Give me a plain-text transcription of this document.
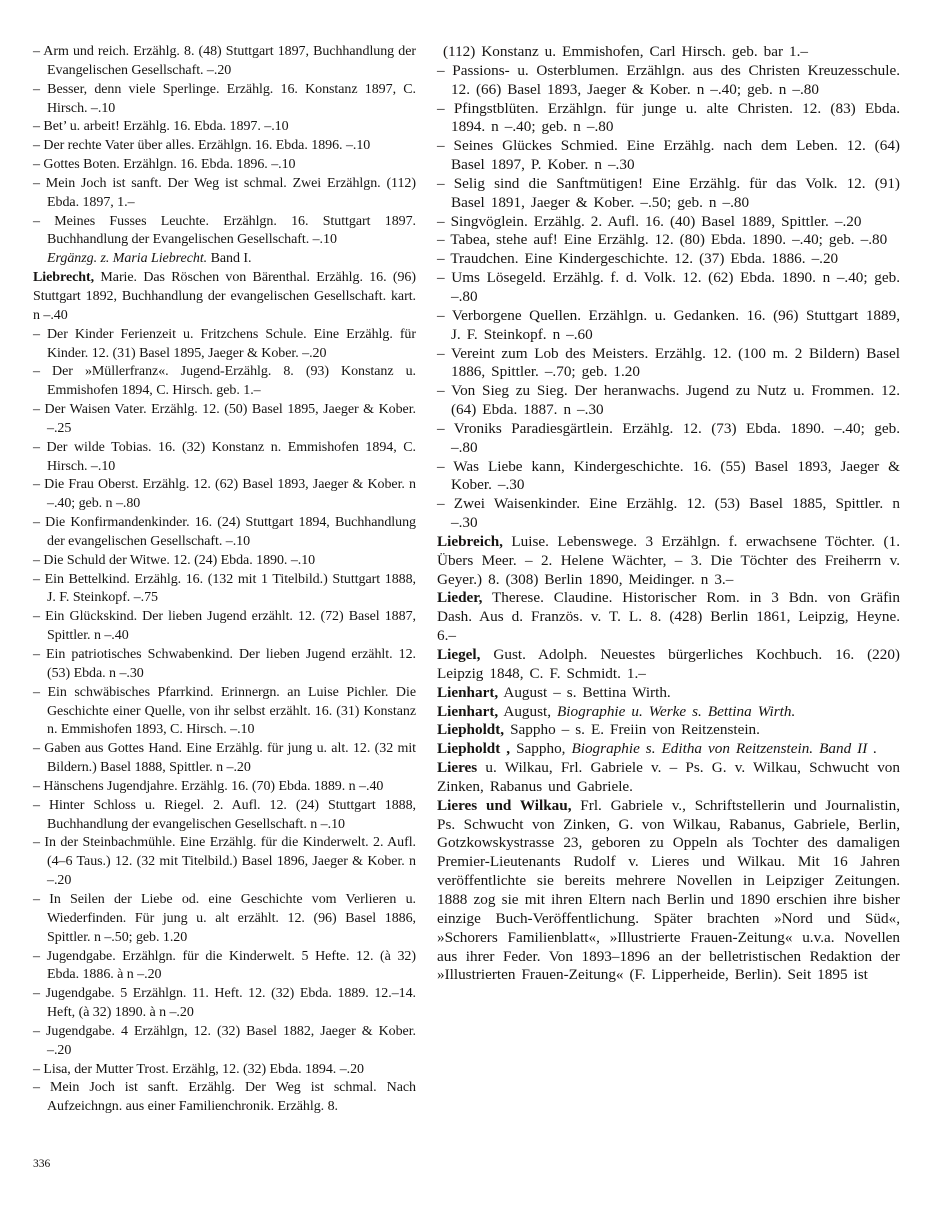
– Arm und reich. Erzählg. 8. (48) Stuttgart 1897, Buchhandlung der Evangelischen Gesellschaft. –.20

– Besser, denn viele Sperlinge. Erzählg. 16. Konstanz 1897, C. Hirsch. –.10

– Bet’ u. arbeit! Erzählg. 16. Ebda. 1897. –.10

– Der rechte Vater über alles. Erzählgn. 16. Ebda. 1896. –.10

– Gottes Boten. Erzählgn. 16. Ebda. 1896. –.10

– Mein Joch ist sanft. Der Weg ist schmal. Zwei Erzählgn. (112) Ebda. 1897, 1.–

– Meines Fusses Leuchte. Erzählgn. 16. Stuttgart 1897. Buchhandlung der Evangelischen Gesellschaft. –.10

Ergänzg. z. Maria Liebrecht. Band I.

Liebrecht, Marie. Das Röschen von Bärenthal. Erzählg. 16. (96) Stuttgart 1892, Buchhandlung der evangelischen Gesellschaft. kart. n –.40

– Der Kinder Ferienzeit u. Fritzchens Schule. Eine Erzählg. für Kinder. 12. (31) Basel 1895, Jaeger & Kober. –.20

– Der »Müllerfranz«. Jugend-Erzählg. 8. (93) Konstanz u. Emmishofen 1894, C. Hirsch. geb. 1.–

– Der Waisen Vater. Erzählg. 12. (50) Basel 1895, Jaeger & Kober. –.25

– Der wilde Tobias. 16. (32) Konstanz n. Emmishofen 1894, C. Hirsch. –.10

– Die Frau Oberst. Erzählg. 12. (62) Basel 1893, Jaeger & Kober. n –.40; geb. n –.80

– Die Konfirmandenkinder. 16. (24) Stuttgart 1894, Buchhandlung der evangelischen Gesellschaft. –.10

– Die Schuld der Witwe. 12. (24) Ebda. 1890. –.10

– Ein Bettelkind. Erzählg. 16. (132 mit 1 Titelbild.) Stuttgart 1888, J. F. Steinkopf. –.75

– Ein Glückskind. Der lieben Jugend erzählt. 12. (72) Basel 1887, Spittler. n –.40

– Ein patriotisches Schwabenkind. Der lieben Jugend erzählt. 12. (53) Ebda. n –.30

– Ein schwäbisches Pfarrkind. Erinnergn. an Luise Pichler. Die Geschichte einer Quelle, von ihr selbst erzählt. 16. (31) Konstanz n. Emmishofen 1893, C. Hirsch. –.10

– Gaben aus Gottes Hand. Eine Erzählg. für jung u. alt. 12. (32 mit Bildern.) Basel 1888, Spittler. n –.20

– Hänschens Jugendjahre. Erzählg. 16. (70) Ebda. 1889. n –.40

– Hinter Schloss u. Riegel. 2. Aufl. 12. (24) Stuttgart 1888, Buchhandlung der evangelischen Gesellschaft. n –.10

– In der Steinbachmühle. Eine Erzählg. für die Kinderwelt. 2. Aufl. (4–6 Taus.) 12. (32 mit Titelbild.) Basel 1896, Jaeger & Kober. n –.20

– In Seilen der Liebe od. eine Geschichte vom Verlieren u. Wiederfinden. Für jung u. alt erzählt. 12. (96) Basel 1886, Spittler. n –.50; geb. 1.20

– Jugendgabe. Erzählgn. für die Kinderwelt. 5 Hefte. 12. (à 32) Ebda. 1886. à n –.20

– Jugendgabe. 5 Erzählgn. 11. Heft. 12. (32) Ebda. 1889. 12.–14. Heft, (à 32) 1890. à n –.20

– Jugendgabe. 4 Erzählgn, 12. (32) Basel 1882, Jaeger & Kober. –.20

– Lisa, der Mutter Trost. Erzählg, 12. (32) Ebda. 1894. –.20

– Mein Joch ist sanft. Erzählg. Der Weg ist schmal. Nach Aufzeichngn. aus einer Familienchronik. Erzählg. 8.

(112) Konstanz u. Emmishofen, Carl Hirsch. geb. bar 1.–

– Passions- u. Osterblumen. Erzählgn. aus des Christen Kreuzesschule. 12. (66) Basel 1893, Jaeger & Kober. n –.40; geb. n –.80

– Pfingstblüten. Erzählgn. für junge u. alte Christen. 12. (83) Ebda. 1894. n –.40; geb. n –.80

– Seines Glückes Schmied. Eine Erzählg. nach dem Leben. 12. (64) Basel 1897, P. Kober. n –.30

– Selig sind die Sanftmütigen! Eine Erzählg. für das Volk. 12. (91) Basel 1891, Jaeger & Kober. –.50; geb. n –.80

– Singvöglein. Erzählg. 2. Aufl. 16. (40) Basel 1889, Spittler. –.20

– Tabea, stehe auf! Eine Erzählg. 12. (80) Ebda. 1890. –.40; geb. –.80

– Traudchen. Eine Kindergeschichte. 12. (37) Ebda. 1886. –.20

– Ums Lösegeld. Erzählg. f. d. Volk. 12. (62) Ebda. 1890. n –.40; geb. –.80

– Verborgene Quellen. Erzählgn. u. Gedanken. 16. (96) Stuttgart 1889, J. F. Steinkopf. n –.60

– Vereint zum Lob des Meisters. Erzählg. 12. (100 m. 2 Bildern) Basel 1886, Spittler. –.70; geb. 1.20

– Von Sieg zu Sieg. Der heranwachs. Jugend zu Nutz u. Frommen. 12. (64) Ebda. 1887. n –.30

– Vroniks Paradiesgärtlein. Erzählg. 12. (73) Ebda. 1890. –.40; geb. –.80

– Was Liebe kann, Kindergeschichte. 16. (55) Basel 1893, Jaeger & Kober. –.30

– Zwei Waisenkinder. Eine Erzählg. 12. (53) Basel 1885, Spittler. n –.30

Liebreich, Luise. Lebenswege. 3 Erzählgn. f. erwachsene Töchter. (1. Übers Meer. – 2. Helene Wächter, – 3. Die Töchter des Freiherrn v. Geyer.) 8. (308) Berlin 1890, Meidinger. n 3.–

Lieder, Therese. Claudine. Historischer Rom. in 3 Bdn. von Gräfin Dash. Aus d. Französ. v. T. L. 8. (428) Berlin 1861, Leipzig, Heyne. 6.–

Liegel, Gust. Adolph. Neuestes bürgerliches Kochbuch. 16. (220) Leipzig 1848, C. F. Schmidt. 1.–

Lienhart, August – s. Bettina Wirth.

Lienhart, August, Biographie u. Werke s. Bettina Wirth.

Liepholdt, Sappho – s. E. Freiin von Reitzenstein.

Liepholdt , Sappho, Biographie s. Editha von Reitzenstein. Band II .

Lieres u. Wilkau, Frl. Gabriele v. – Ps. G. v. Wilkau, Schwucht von Zinken, Rabanus und Gabriele.

Lieres und Wilkau, Frl. Gabriele v., Schriftstellerin und Journalistin, Ps. Schwucht von Zinken, G. von Wilkau, Rabanus, Gabriele, Berlin, Gotzkowskystrasse 23, geboren zu Oppeln als Tochter des damaligen Premier-Lieutenants Rudolf v. Lieres und Wilkau. Mit 16 Jahren veröffentlichte sie bereits mehrere Novellen in Leipziger Zeitungen. 1888 zog sie mit ihren Eltern nach Berlin und 1890 erschien ihre bisher einzige Buch-Veröffentlichung. Später brachten »Nord und Süd«, »Schorers Familienblatt«, »Illustrierte Frauen-Zeitung« u.v.a. Novellen aus ihrer Feder. Von 1893–1896 an der belletristischen Redaktion der »Illustrierten Frauen-Zeitung« (F. Lipperheide, Berlin). Seit 1895 ist

336
